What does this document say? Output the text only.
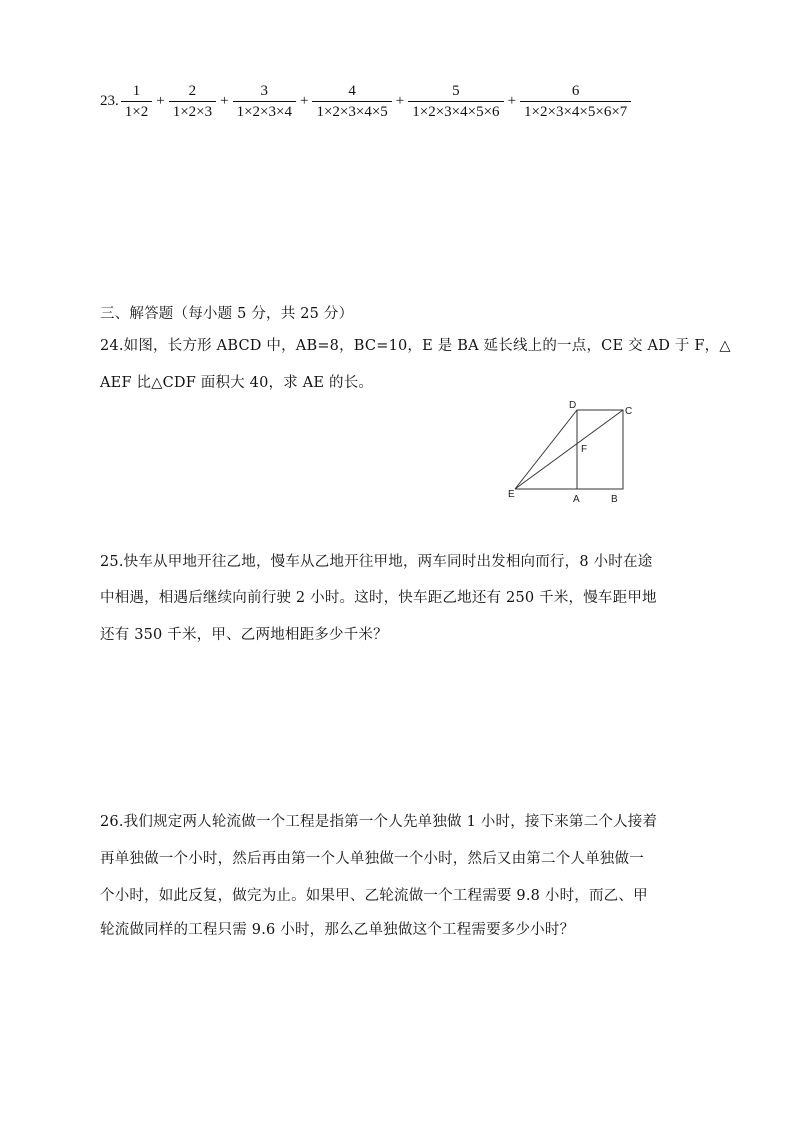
23. $\frac{1}{1\times 2} + \frac{2}{1\times 2\times 3} + \frac{3}{1\times 2\times 3\times 4} + \frac{4}{1\times 2\times 3\times 4\times 5} + \frac{5}{1\times 2\times 3\times 4\times 5\times 6} + \frac{6}{1\times 2\times 3\times 4\times 5\times 6\times 7}$
三、解答题（每小题 5 分，共 25 分）
24.如图，长方形 ABCD 中，AB=8，BC=10，E 是 BA 延长线上的一点，CE 交 AD 于 F，△
AEF 比△CDF 面积大 40，求 AE 的长。
D
C
F
E	A	B
25.快车从甲地开往乙地，慢车从乙地开往甲地，两车同时出发相向而行，8 小时在途
中相遇，相遇后继续向前行驶 2 小时。这时，快车距乙地还有 250 千米，慢车距甲地
还有 350 千米，甲、乙两地相距多少千米？
26.我们规定两人轮流做一个工程是指第一个人先单独做 1 小时，接下来第二个人接着
再单独做一个小时，然后再由第一个人单独做一个小时，然后又由第二个人单独做一
个小时，如此反复，做完为止。如果甲、乙轮流做一个工程需要 9.8 小时，而乙、甲
轮流做同样的工程只需 9.6 小时，那么乙单独做这个工程需要多少小时？
